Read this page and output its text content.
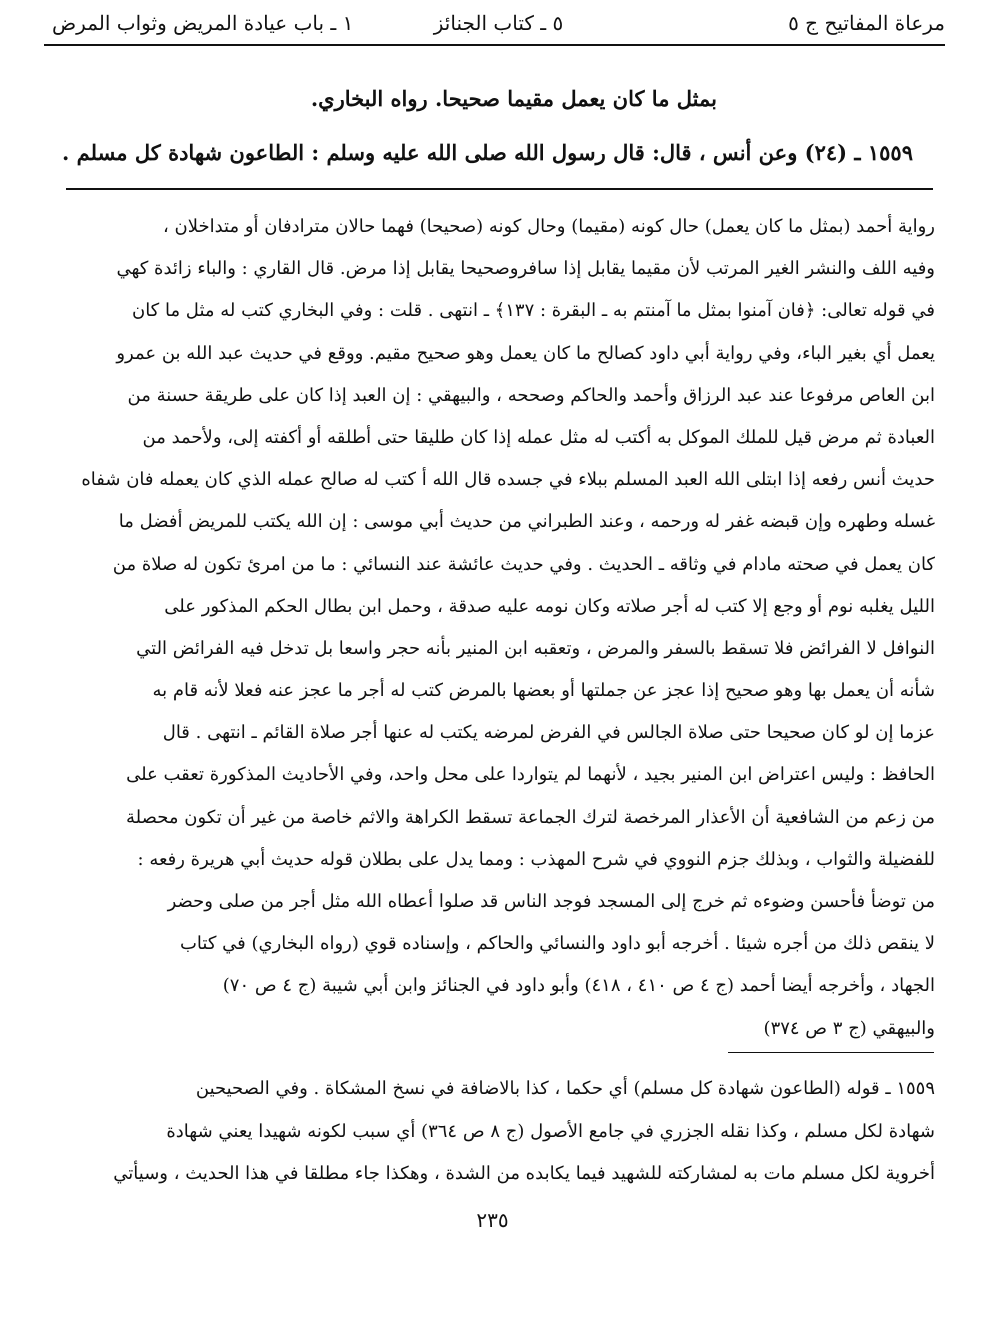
مرعاة المفاتيح ج ٥
٥ ـ كتاب الجنائز
١ ـ باب عيادة المريض وثواب المرض
بمثل ما كان يعمل مقيما صحيحا. رواه البخاري.
١٥٥٩ ـ (٢٤) وعن أنس ، قال: قال رسول الله صلى الله عليه وسلم : الطاعون شهادة كل مسلم .
رواية أحمد (بمثل ما كان يعمل) حال كونه (مقيما) وحال كونه (صحيحا) فهما حالان مترادفان أو متداخلان ،
وفيه اللف والنشر الغير المرتب لأن مقيما يقابل إذا سافروصحيحا يقابل إذا مرض. قال القاري : والباء زائدة كهي
في قوله تعالى: ﴿فان آمنوا بمثل ما آمنتم به ـ البقرة : ١٣٧﴾ ـ انتهى . قلت : وفي البخاري كتب له مثل ما كان
يعمل أي بغير الباء، وفي رواية أبي داود كصالح ما كان يعمل وهو صحيح مقيم. ووقع في حديث عبد الله بن عمرو
ابن العاص مرفوعا عند عبد الرزاق وأحمد والحاكم وصححه ، والبيهقي : إن العبد إذا كان على طريقة حسنة من
العبادة ثم مرض قيل للملك الموكل به أكتب له مثل عمله إذا كان طليقا حتى أطلقه أو أكفته إلى، ولأحمد من
حديث أنس رفعه إذا ابتلى الله العبد المسلم ببلاء في جسده قال الله أ كتب له صالح عمله الذي كان يعمله فان شفاه
غسله وطهره وإن قبضه غفر له ورحمه ، وعند الطبراني من حديث أبي موسى : إن الله يكتب للمريض أفضل ما
كان يعمل في صحته مادام في وثاقه ـ الحديث . وفي حديث عائشة عند النسائي : ما من امرئ تكون له صلاة من
الليل يغلبه نوم أو وجع إلا كتب له أجر صلاته وكان نومه عليه صدقة ، وحمل ابن بطال الحكم المذكور على
النوافل لا الفرائض فلا تسقط بالسفر والمرض ، وتعقبه ابن المنير بأنه حجر واسعا بل تدخل فيه الفرائض التي
شأنه أن يعمل بها وهو صحيح إذا عجز عن جملتها أو بعضها بالمرض كتب له أجر ما عجز عنه فعلا لأنه قام به
عزما إن لو كان صحيحا حتى صلاة الجالس في الفرض لمرضه يكتب له عنها أجر صلاة القائم ـ انتهى . قال
الحافظ : وليس اعتراض ابن المنير بجيد ، لأنهما لم يتواردا على محل واحد، وفي الأحاديث المذكورة تعقب على
من زعم من الشافعية أن الأعذار المرخصة لترك الجماعة تسقط الكراهة والاثم خاصة من غير أن تكون محصلة
للفضيلة والثواب ، وبذلك جزم النووي في شرح المهذب : ومما يدل على بطلان قوله حديث أبي هريرة رفعه :
من توضأ فأحسن وضوءه ثم خرج إلى المسجد فوجد الناس قد صلوا أعطاه الله مثل أجر من صلى وحضر
لا ينقص ذلك من أجره شيئا . أخرجه أبو داود والنسائي والحاكم ، وإسناده قوي (رواه البخاري) في كتاب
الجهاد ، وأخرجه أيضا أحمد (ج ٤ ص ٤١٠ ، ٤١٨) وأبو داود في الجنائز وابن أبي شيبة (ج ٤ ص ٧٠)
والبيهقي (ج ٣ ص ٣٧٤)
١٥٥٩ ـ قوله (الطاعون شهادة كل مسلم) أي حكما ، كذا بالاضافة في نسخ المشكاة . وفي الصحيحين
شهادة لكل مسلم ، وكذا نقله الجزري في جامع الأصول (ج ٨ ص ٣٦٤) أي سبب لكونه شهيدا يعني شهادة
أخروية لكل مسلم مات به لمشاركته للشهيد فيما يكابده من الشدة ، وهكذا جاء مطلقا في هذا الحديث ، وسيأتي
٢٣٥
